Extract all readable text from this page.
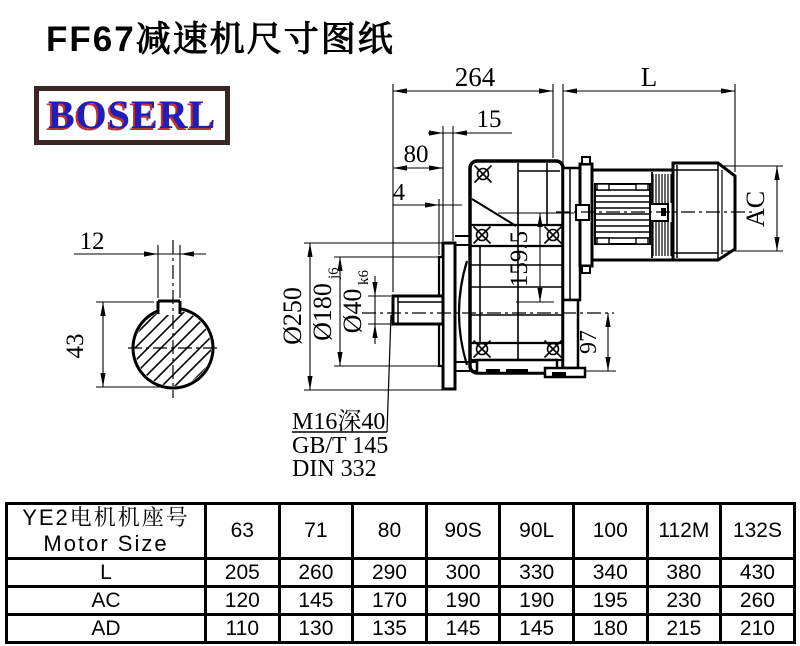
FF67减速机尺寸图纸
BOSERL
12
43
264	L
15
80
4
Ø250 Ø180
j6
Ø40
k6	159.5
97
AC
M16深40
GB/T 145
DIN 332
YE2电机机座号
Motor Size	63	71	80	90S	90L	100	112M	132S
L	205	260	290	300	330	340	380	430
AC	120	145	170	190	190	195	230	260
AD	110	130	135	145	145	180	215	210
